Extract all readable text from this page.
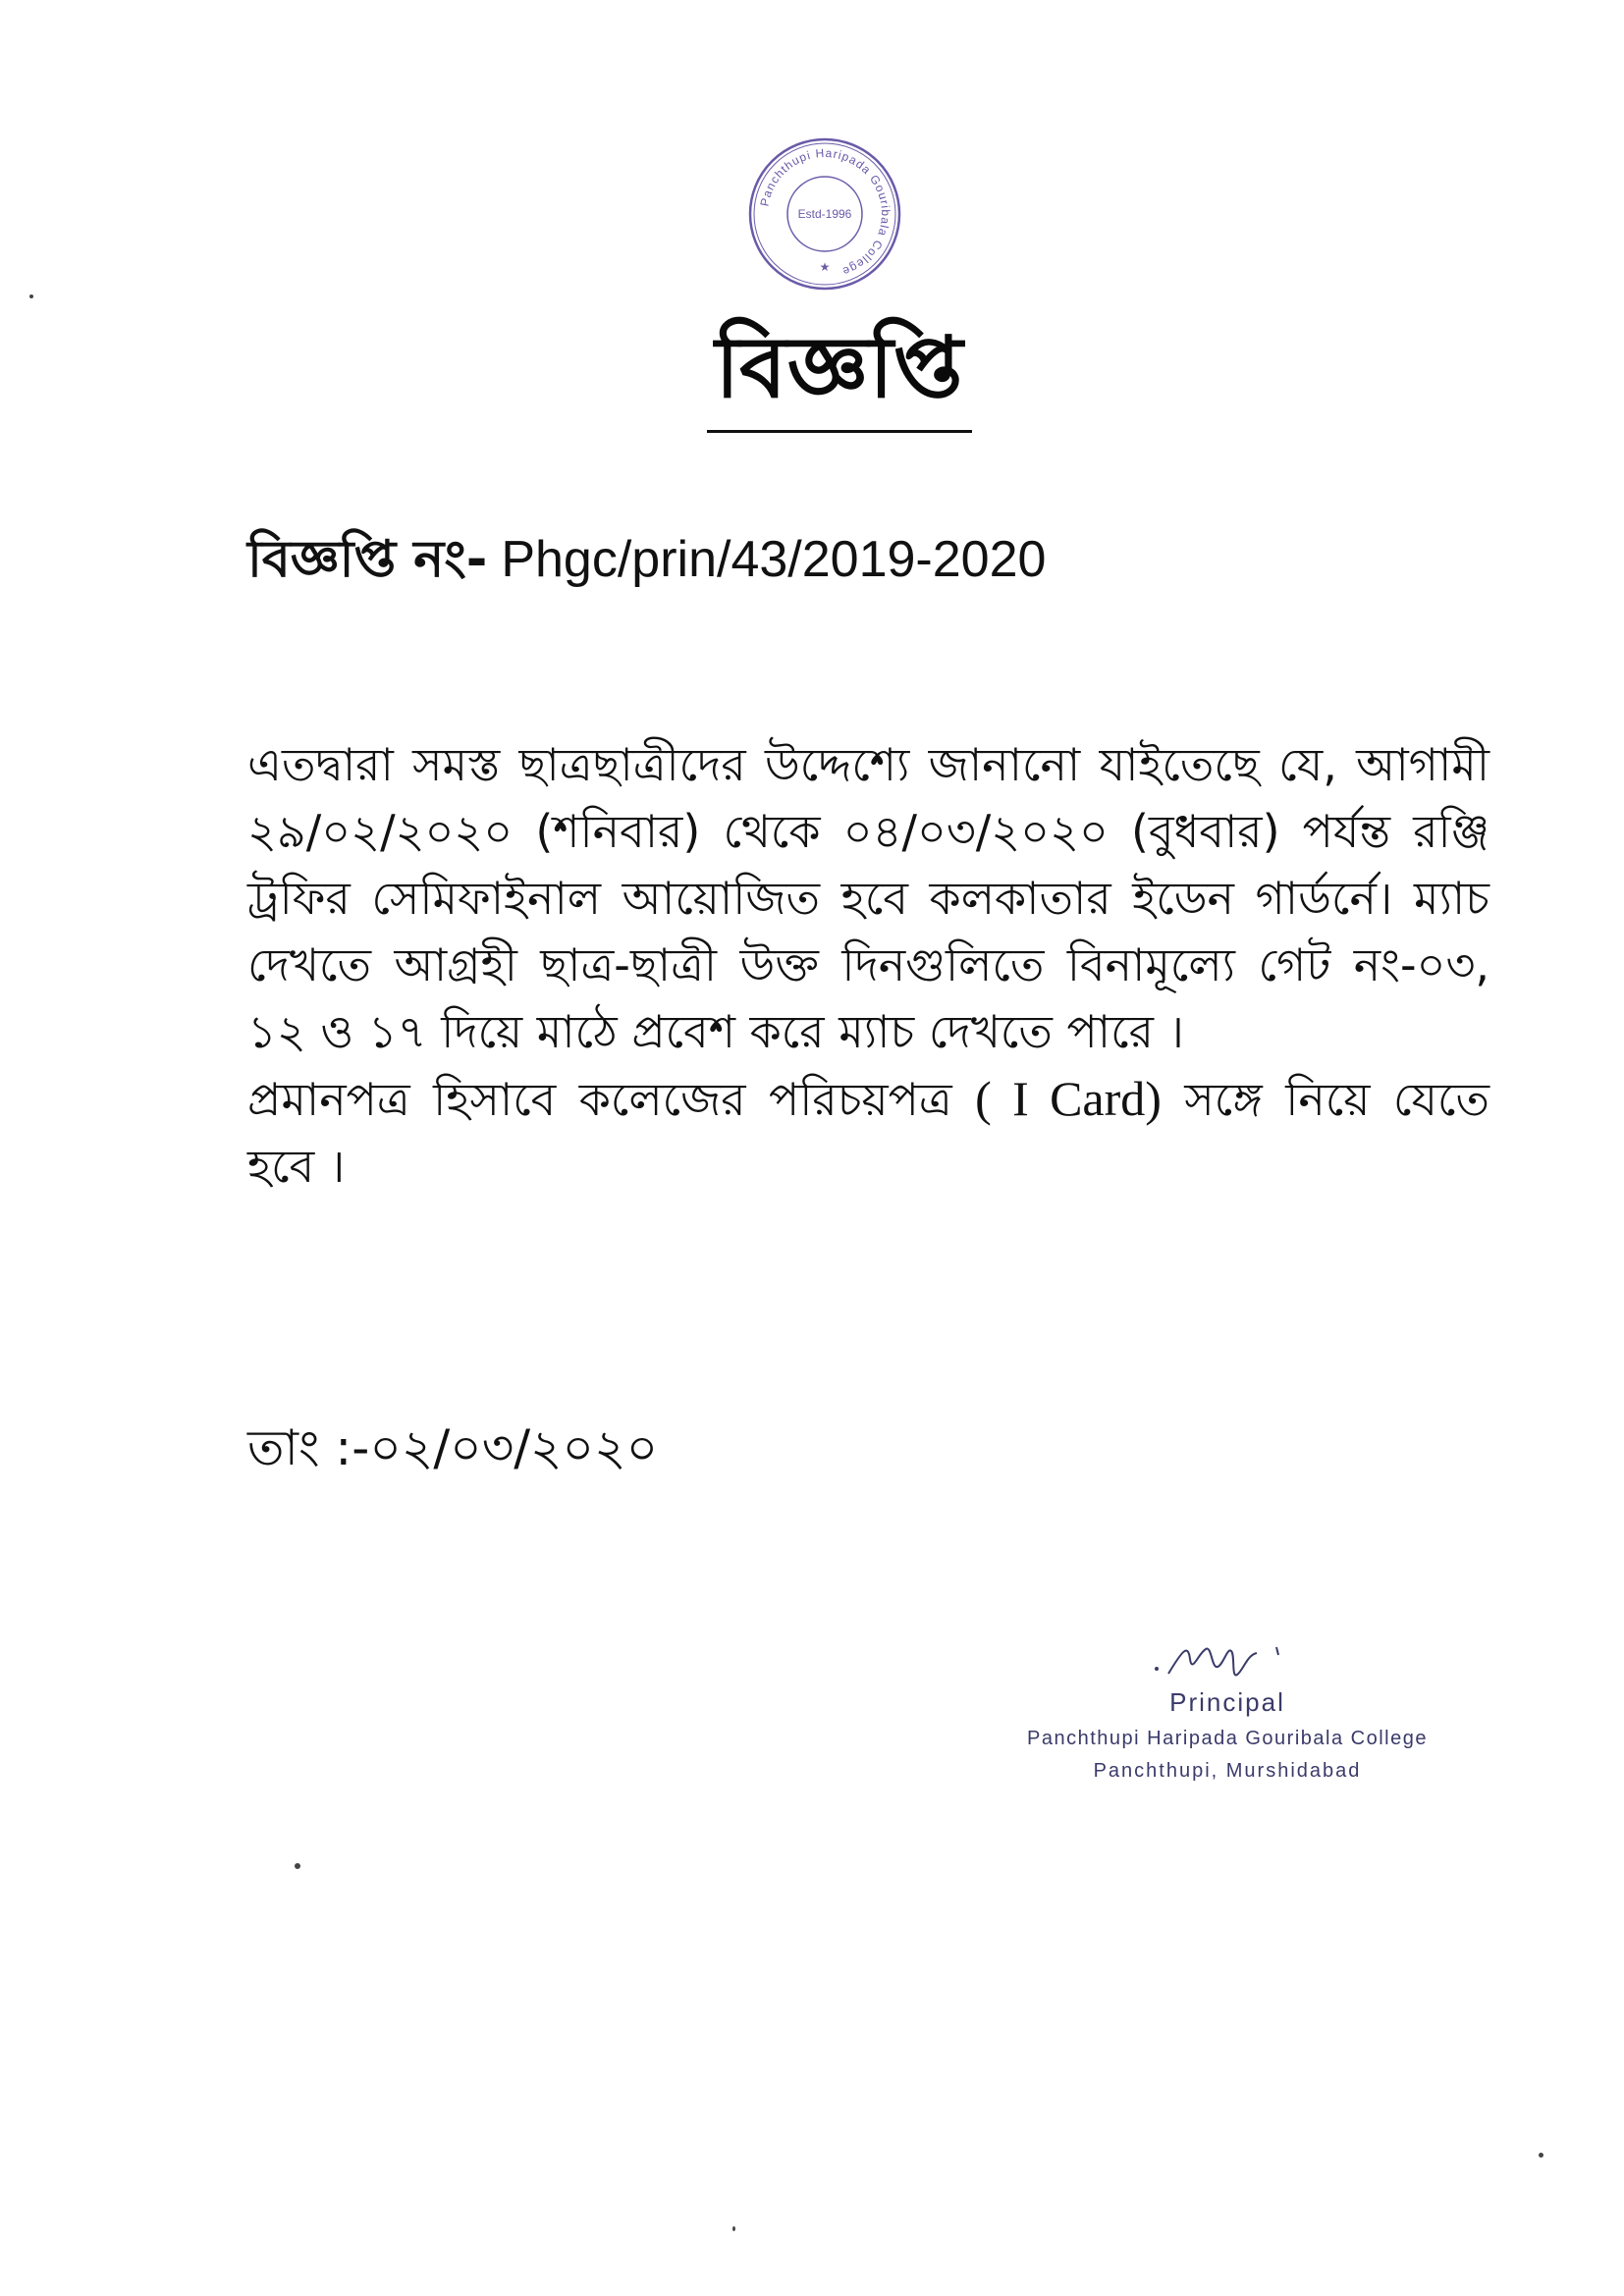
Panchthupi Haripada Gouribala College
Estd-1996
★
বিজ্ঞপ্তি
বিজ্ঞপ্তি নং- Phgc/prin/43/2019-2020

এতদ্বারা সমস্ত ছাত্রছাত্রীদের উদ্দেশ্যে জানানো যাইতেছে যে, আগামী ২৯/০২/২০২০ (শনিবার) থেকে ০৪/০৩/২০২০ (বুধবার) পর্যন্ত রঞ্জি ট্রফির সেমিফাইনাল আয়োজিত হবে কলকাতার ইডেন গার্ডর্নে। ম্যাচ দেখতে আগ্রহী ছাত্র-ছাত্রী উক্ত দিনগুলিতে বিনামূল্যে গেট নং-০৩, ১২ ও ১৭ দিয়ে মাঠে প্রবেশ করে ম্যাচ দেখতে পারে ।

প্রমানপত্র হিসাবে কলেজের পরিচয়পত্র ( I Card) সঙ্গে নিয়ে যেতে হবে ।

তাং :-০২/০৩/২০২০
Principal
Panchthupi Haripada Gouribala College
Panchthupi, Murshidabad
